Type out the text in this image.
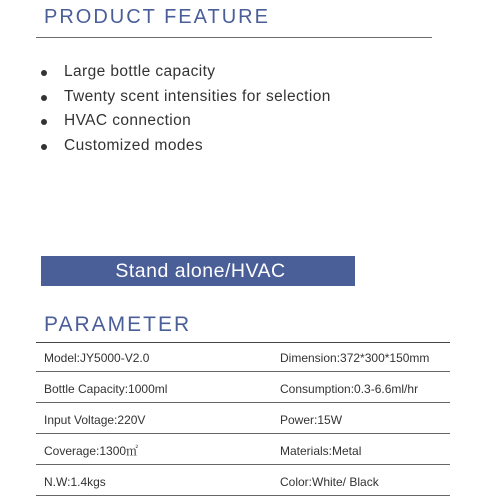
PRODUCT FEATURE
Large bottle capacity
Twenty scent intensities for selection
HVAC connection
Customized modes
Stand alone/HVAC
PARAMETER
Model:JY5000-V2.0	Dimension:372*300*150mm
Bottle Capacity:1000ml	Consumption:0.3-6.6ml/hr
Input Voltage:220V	Power:15W
Coverage:1300㎡	Materials:Metal
N.W:1.4kgs	Color:White/ Black
